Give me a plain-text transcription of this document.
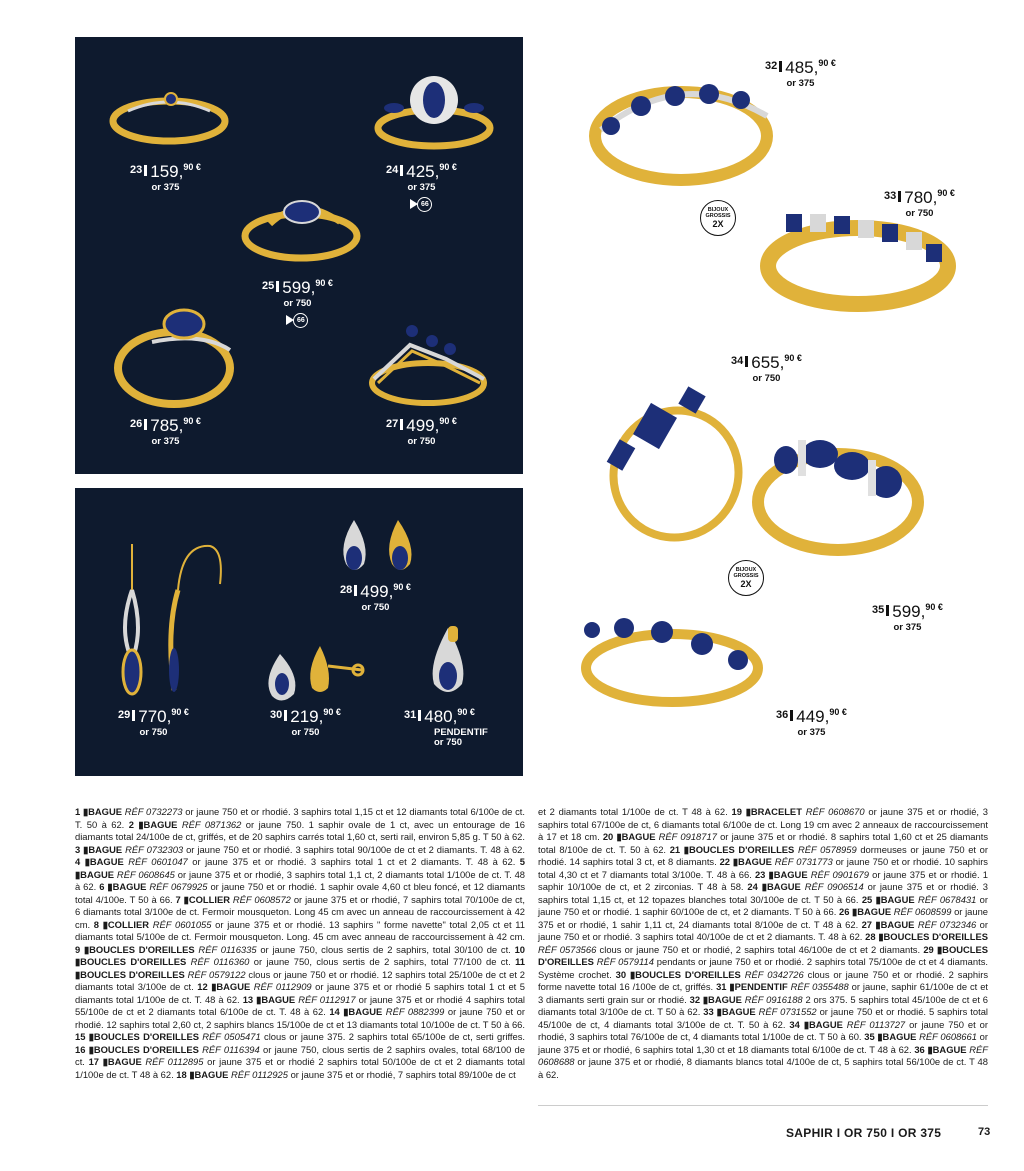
BIJOUX
GROSSIS
2X
BIJOUX
GROSSIS
2X
$^{23}$ 159,$^{90 €}$
or 375
$^{24}$ 425,$^{90 €}$
or 375
66
$^{25}$ 599,$^{90 €}$
or 750
66
$^{26}$ 785,$^{90 €}$
or 375
$^{27}$ 499,$^{90 €}$
or 750
$^{28}$ 499,$^{90 €}$
or 750
$^{29}$ 770,$^{90 €}$
or 750
$^{30}$ 219,$^{90 €}$
or 750
$^{31}$ 480,$^{90 €}$
PENDENTIF
or 750
$^{32}$ 485,$^{90 €}$
or 375
$^{33}$ 780,$^{90 €}$
or 750
$^{34}$ 655,$^{90 €}$
or 750
$^{35}$ 599,$^{90 €}$
or 375
$^{36}$ 449,$^{90 €}$
or 375
1 ▮BAGUE RÉF 0732273 or jaune 750 et or rhodié. 3 saphirs total 1,15 ct et 12 diamants total 6/100e de ct. T. 50 à 62. 2 ▮BAGUE RÉF 0871362 or jaune 750. 1 saphir ovale de 1 ct, avec un entourage de 16 diamants total 24/100e de ct, griffés, et de 20 saphirs carrés total 1,60 ct, serti rail, environ 5,85 g. T 50 à 62. 3 ▮BAGUE RÉF 0732303 or jaune 750 et or rhodié. 3 saphirs total 90/100e de ct et 2 diamants. T. 48 à 62. 4 ▮BAGUE RÉF 0601047 or jaune 375 et or rhodié. 3 saphirs total 1 ct et 2 diamants. T. 48 à 62. 5 ▮BAGUE RÉF 0608645 or jaune 375 et or rhodié, 3 saphirs total 1,1 ct, 2 diamants total 1/100e de ct. T. 48 à 62. 6 ▮BAGUE RÉF 0679925 or jaune 750 et or rhodié. 1 saphir ovale 4,60 ct bleu foncé, et 12 diamants total 4/100e. T 50 à 66. 7 ▮COLLIER RÉF 0608572 or jaune 375 et or rhodié, 7 saphirs total 70/100e de ct, 6 diamants total 3/100e de ct. Fermoir mousqueton. Long 45 cm avec un anneau de raccourcissement à 42 cm. 8 ▮COLLIER RÉF 0601055 or jaune 375 et or rhodié. 13 saphirs " forme navette" total 2,05 ct et 11 diamants total 5/100e de ct. Fermoir mousqueton. Long. 45 cm avec anneau de raccourcissement à 42 cm. 9 ▮BOUCLES D'OREILLES RÉF 0116335 or jaune 750, clous sertis de 2 saphirs, total 30/100 de ct. 10 ▮BOUCLES D'OREILLES RÉF 0116360 or jaune 750, clous sertis de 2 saphirs, total 77/100 de ct. 11 ▮BOUCLES D'OREILLES RÉF 0579122 clous or jaune 750 et or rhodié. 12 saphirs total 25/100e de ct et 2 diamants total 3/100e de ct. 12 ▮BAGUE RÉF 0112909 or jaune 375 et or rhodié 5 saphirs total 1 ct et 5 diamants total 1/100e de ct. T. 48 à 62. 13 ▮BAGUE RÉF 0112917 or jaune 375 et or rhodié 4 saphirs total 55/100e de ct et 2 diamants total 6/100e de ct. T. 48 à 62. 14 ▮BAGUE RÉF 0882399 or jaune 750 et or rhodié. 12 saphirs total 2,60 ct, 2 saphirs blancs 15/100e de ct et 13 diamants total 10/100e de ct. T 50 à 66. 15 ▮BOUCLES D'OREILLES RÉF 0505471 clous or jaune 375. 2 saphirs total 65/100e de ct, serti griffes. 16 ▮BOUCLES D'OREILLES RÉF 0116394 or jaune 750, clous sertis de 2 saphirs ovales, total 68/100 de ct. 17 ▮BAGUE RÉF 0112895 or jaune 375 et or rhodié 2 saphirs total 50/100e de ct et 2 diamants total 1/100e de ct. T 48 à 62. 18 ▮BAGUE RÉF 0112925 or jaune 375 et or rhodié, 7 saphirs total 89/100e de ct
et 2 diamants total 1/100e de ct. T 48 à 62. 19 ▮BRACELET RÉF 0608670 or jaune 375 et or rhodié, 3 saphirs total 67/100e de ct, 6 diamants total 6/100e de ct. Long 19 cm avec 2 anneaux de raccourcissement à 17 et 18 cm. 20 ▮BAGUE RÉF 0918717 or jaune 375 et or rhodié. 8 saphirs total 1,60 ct et 25 diamants total 8/100e de ct. T. 50 à 62. 21 ▮BOUCLES D'OREILLES RÉF 0578959 dormeuses or jaune 750 et or rhodié. 14 saphirs total 3 ct, et 8 diamants. 22 ▮BAGUE RÉF 0731773 or jaune 750 et or rhodié. 10 saphirs total 4,30 ct et 7 diamants total 3/100e. T. 48 à 66. 23 ▮BAGUE RÉF 0901679 or jaune 375 et or rhodié. 1 saphir 10/100e de ct, et 2 zirconias. T 48 à 58. 24 ▮BAGUE RÉF 0906514 or jaune 375 et or rhodié. 3 saphirs total 1,15 ct, et 12 topazes blanches total 30/100e de ct. T 50 à 66. 25 ▮BAGUE RÉF 0678431 or jaune 750 et or rhodié. 1 saphir 60/100e de ct, et 2 diamants. T 50 à 66. 26 ▮BAGUE RÉF 0608599 or jaune 375 et or rhodié, 1 sahir 1,11 ct, 24 diamants total 8/100e de ct. T 48 à 62. 27 ▮BAGUE RÉF 0732346 or jaune 750 et or rhodié. 3 saphirs total 40/100e de ct et 2 diamants. T. 48 à 62. 28 ▮BOUCLES D'OREILLES RÉF 0573566 clous or jaune 750 et or rhodié, 2 saphirs total 46/100e de ct et 2 diamants. 29 ▮BOUCLES D'OREILLES RÉF 0579114 pendants or jaune 750 et or rhodié. 2 saphirs total 75/100e de ct et 4 diamants. Système crochet. 30 ▮BOUCLES D'OREILLES RÉF 0342726 clous or jaune 750 et or rhodié. 2 saphirs forme navette total 16 /100e de ct, griffés. 31 ▮PENDENTIF RÉF 0355488 or jaune, saphir 61/100e de ct et 3 diamants serti grain sur or rhodié. 32 ▮BAGUE RÉF 0916188 2 ors 375. 5 saphirs total 45/100e de ct et 6 diamants total 3/100e de ct. T 50 à 62. 33 ▮BAGUE RÉF 0731552 or jaune 750 et or rhodié. 5 saphirs total 45/100e de ct, 4 diamants total 3/100e de ct. T. 50 à 62. 34 ▮BAGUE RÉF 0113727 or jaune 750 et or rhodié, 3 saphirs total 76/100e de ct, 4 diamants total 1/100e de ct. T 50 à 60. 35 ▮BAGUE RÉF 0608661 or jaune 375 et or rhodié, 6 saphirs total 1,30 ct et 18 diamants total 6/100e de ct. T 48 à 62. 36 ▮BAGUE RÉF 0608688 or jaune 375 et or rhodié, 8 diamants blancs total 4/100e de ct, 5 saphirs total 56/100e de ct. T 48 à 62.
SAPHIR I OR 750 I OR 375	73
